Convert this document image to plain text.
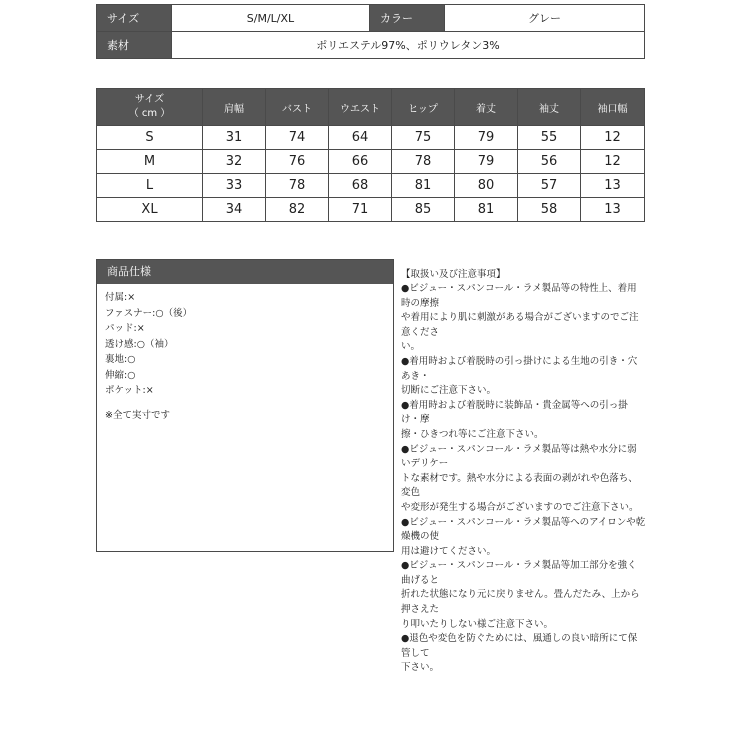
サイズ	S/M/L/XL	カラー	グレー
素材	ポリエステル97%、ポリウレタン3%		
サイズ
（ cm ）	肩幅	バスト	ウエスト	ヒップ	着丈	袖丈	袖口幅
S	31	74	64	75	79	55	12
M	32	76	66	78	79	56	12
L	33	78	68	81	80	57	13
XL	34	82	71	85	81	58	13
商品仕様
付属:×
ファスナー:○（後）
パッド:×
透け感:○（袖）
裏地:○
伸縮:○
ポケット:×
※全て実寸です
【取扱い及び注意事項】
●ビジュー・スパンコール・ラメ製品等の特性上、着用時の摩擦
や着用により肌に刺激がある場合がございますのでご注意くださ
い。
●着用時および着脱時の引っ掛けによる生地の引き・穴あき・
切断にご注意下さい。
●着用時および着脱時に装飾品・貴金属等への引っ掛け・摩
擦・ひきつれ等にご注意下さい。
●ビジュー・スパンコール・ラメ製品等は熱や水分に弱いデリケー
トな素材です。熱や水分による表面の剥がれや色落ち、変色
や変形が発生する場合がございますのでご注意下さい。
●ビジュー・スパンコール・ラメ製品等へのアイロンや乾燥機の使
用は避けてください。
●ビジュー・スパンコール・ラメ製品等加工部分を強く曲げると
折れた状態になり元に戻りません。畳んだたみ、上から押さえた
り叩いたりしない様ご注意下さい。
●退色や変色を防ぐためには、風通しの良い暗所にて保管して
下さい。
